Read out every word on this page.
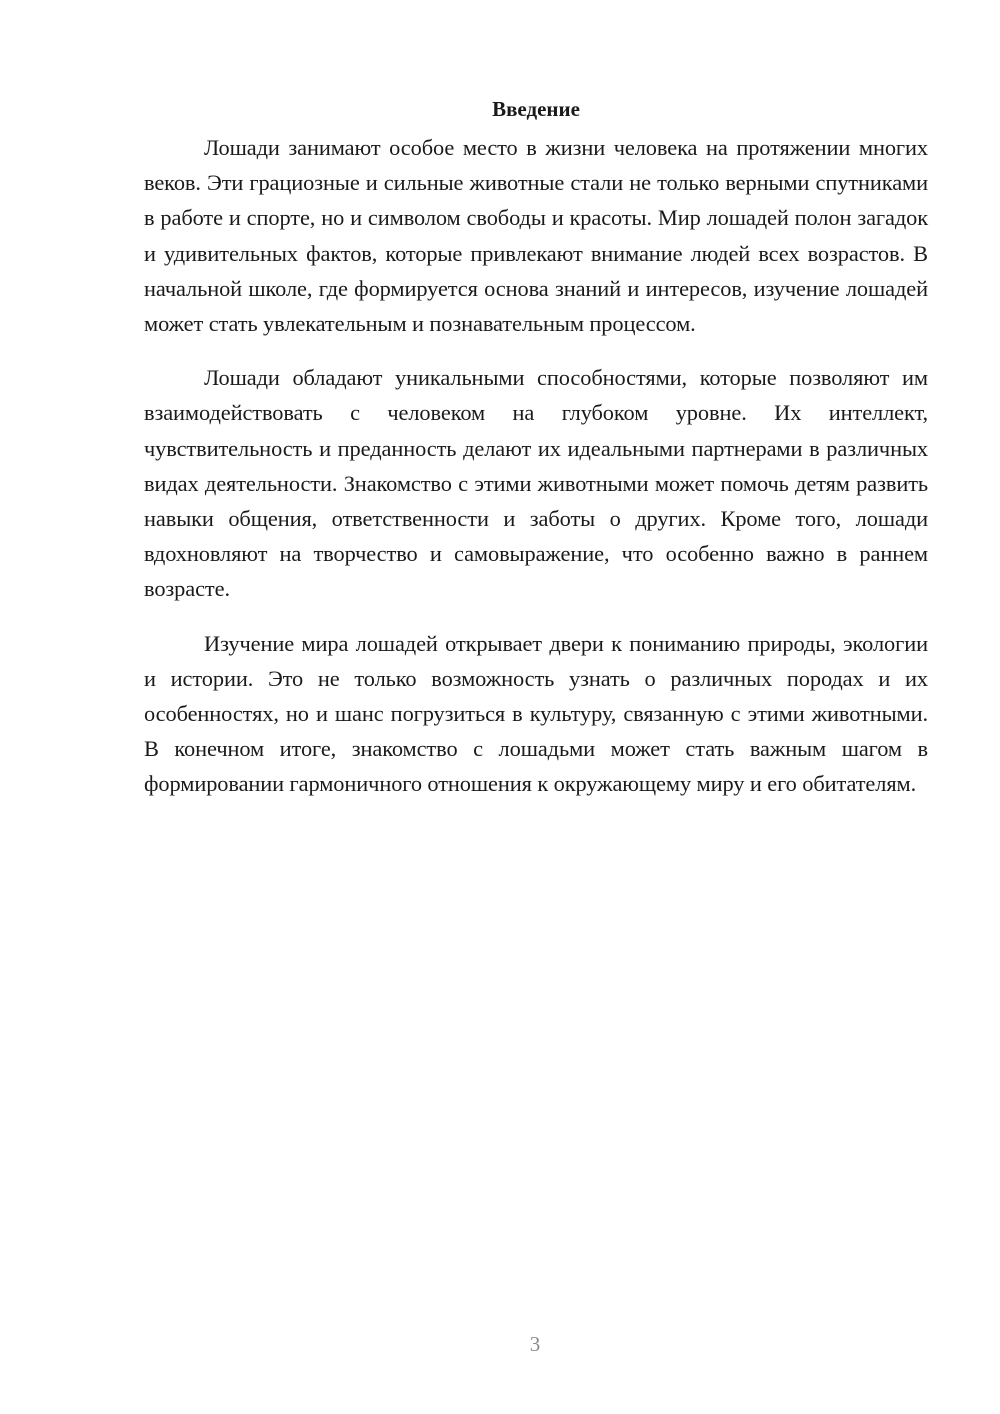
Введение

Лошади занимают особое место в жизни человека на протяжении многих веков. Эти грациозные и сильные животные стали не только верными спутниками в работе и спорте, но и символом свободы и красоты. Мир лошадей полон загадок и удивительных фактов, которые привлекают внимание людей всех возрастов. В начальной школе, где формируется основа знаний и интересов, изучение лошадей может стать увлекательным и познавательным процессом.

Лошади обладают уникальными способностями, которые позволяют им взаимодействовать с человеком на глубоком уровне. Их интеллект, чувствительность и преданность делают их идеальными партнерами в различных видах деятельности. Знакомство с этими животными может помочь детям развить навыки общения, ответственности и заботы о других. Кроме того, лошади вдохновляют на творчество и самовыражение, что особенно важно в раннем возрасте.

Изучение мира лошадей открывает двери к пониманию природы, экологии и истории. Это не только возможность узнать о различных породах и их особенностях, но и шанс погрузиться в культуру, связанную с этими животными. В конечном итоге, знакомство с лошадьми может стать важным шагом в формировании гармоничного отношения к окружающему миру и его обитателям.

3
